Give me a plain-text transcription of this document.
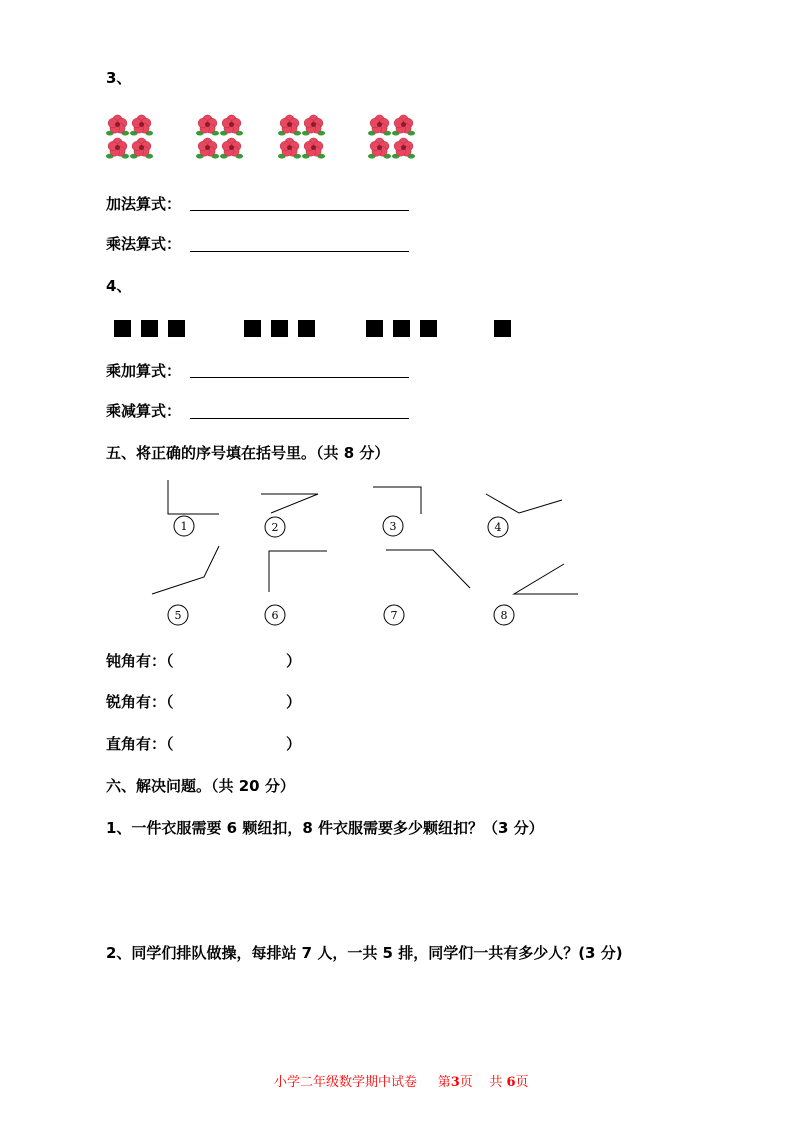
3、
加法算式：
乘法算式：
4、
乘加算式：
乘减算式：
五、将正确的序号填在括号里。（共 8 分）
1	2	3	4
5	6	7	8
钝角有：（	）
锐角有：（	）
直角有：（	）
六、解决问题。（共 20 分）
1、一件衣服需要 6 颗纽扣，8 件衣服需要多少颗纽扣？（3 分）
2、同学们排队做操，每排站 7 人，一共 5 排，同学们一共有多少人？(3 分)
小学二年级数学期中试卷 第3页 共 6页
